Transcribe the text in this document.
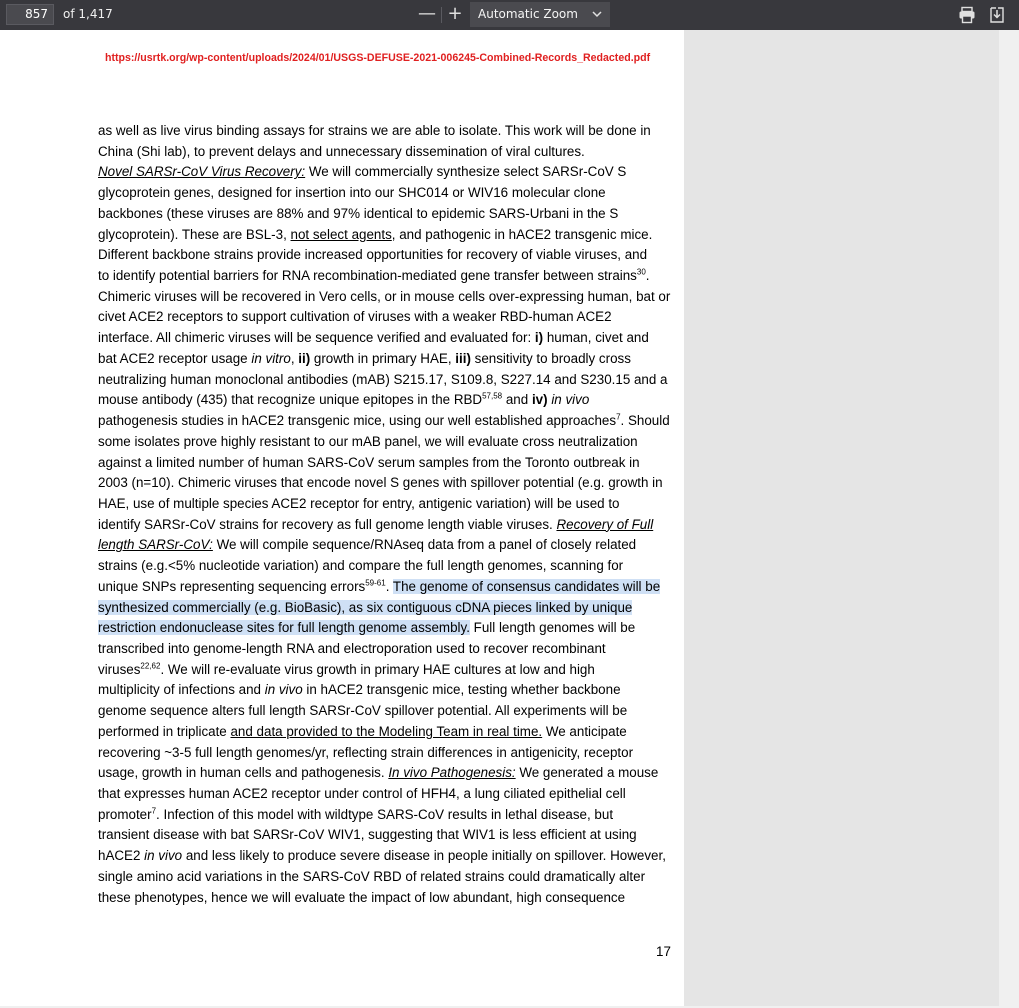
857	of 1,417	— +	Automatic Zoom
https://usrtk.org/wp-content/uploads/2024/01/USGS-DEFUSE-2021-006245-Combined-Records_Redacted.pdf
as well as live virus binding assays for strains we are able to isolate. This work will be done in
China (Shi lab), to prevent delays and unnecessary dissemination of viral cultures.
Novel SARSr-CoV Virus Recovery: We will commercially synthesize select SARSr-CoV S
glycoprotein genes, designed for insertion into our SHC014 or WIV16 molecular clone
backbones (these viruses are 88% and 97% identical to epidemic SARS-Urbani in the S
glycoprotein). These are BSL-3, not select agents, and pathogenic in hACE2 transgenic mice.
Different backbone strains provide increased opportunities for recovery of viable viruses, and
to identify potential barriers for RNA recombination-mediated gene transfer between strains$^{30}$.
Chimeric viruses will be recovered in Vero cells, or in mouse cells over-expressing human, bat or
civet ACE2 receptors to support cultivation of viruses with a weaker RBD-human ACE2
interface. All chimeric viruses will be sequence verified and evaluated for: i) human, civet and
bat ACE2 receptor usage in vitro, ii) growth in primary HAE, iii) sensitivity to broadly cross
neutralizing human monoclonal antibodies (mAB) S215.17, S109.8, S227.14 and S230.15 and a
mouse antibody (435) that recognize unique epitopes in the RBD$^{57,58}$ and iv) in vivo
pathogenesis studies in hACE2 transgenic mice, using our well established approaches$^7$. Should
some isolates prove highly resistant to our mAB panel, we will evaluate cross neutralization
against a limited number of human SARS-CoV serum samples from the Toronto outbreak in
2003 (n=10). Chimeric viruses that encode novel S genes with spillover potential (e.g. growth in
HAE, use of multiple species ACE2 receptor for entry, antigenic variation) will be used to
identify SARSr-CoV strains for recovery as full genome length viable viruses. Recovery of Full
length SARSr-CoV: We will compile sequence/RNAseq data from a panel of closely related
strains (e.g.<5% nucleotide variation) and compare the full length genomes, scanning for
unique SNPs representing sequencing errors$^{59-61}$. The genome of consensus candidates will be
synthesized commercially (e.g. BioBasic), as six contiguous cDNA pieces linked by unique
restriction endonuclease sites for full length genome assembly. Full length genomes will be
transcribed into genome-length RNA and electroporation used to recover recombinant
viruses$^{22,62}$. We will re-evaluate virus growth in primary HAE cultures at low and high
multiplicity of infections and in vivo in hACE2 transgenic mice, testing whether backbone
genome sequence alters full length SARSr-CoV spillover potential. All experiments will be
performed in triplicate and data provided to the Modeling Team in real time. We anticipate
recovering ~3-5 full length genomes/yr, reflecting strain differences in antigenicity, receptor
usage, growth in human cells and pathogenesis. In vivo Pathogenesis: We generated a mouse
that expresses human ACE2 receptor under control of HFH4, a lung ciliated epithelial cell
promoter$^7$. Infection of this model with wildtype SARS-CoV results in lethal disease, but
transient disease with bat SARSr-CoV WIV1, suggesting that WIV1 is less efficient at using
hACE2 in vivo and less likely to produce severe disease in people initially on spillover. However,
single amino acid variations in the SARS-CoV RBD of related strains could dramatically alter
these phenotypes, hence we will evaluate the impact of low abundant, high consequence
17
